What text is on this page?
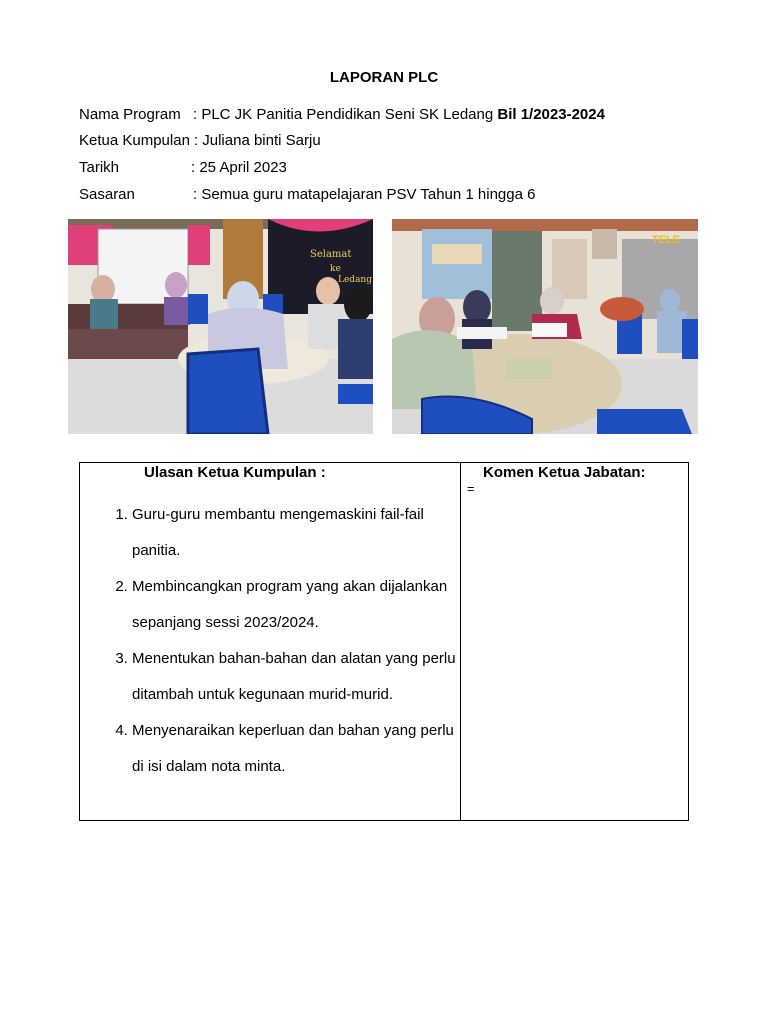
LAPORAN PLC
Nama Program : PLC JK Panitia Pendidikan Seni SK Ledang Bil 1/2023-2024
Ketua Kumpulan : Juliana binti Sarju
Tarikh	: 25 April 2023
Sasaran	: Semua guru matapelajaran PSV Tahun 1 hingga 6
Selamat
ke
Ledang
TELE
Ulasan Ketua Kumpulan :
1. Guru-guru membantu mengemaskini fail-fail panitia.
2. Membincangkan program yang akan dijalankan sepanjang sessi 2023/2024.
3. Menentukan bahan-bahan dan alatan yang perlu ditambah untuk kegunaan murid-murid.
4. Menyenaraikan keperluan dan bahan yang perlu di isi dalam nota minta.

Komen Ketua Jabatan:
=
